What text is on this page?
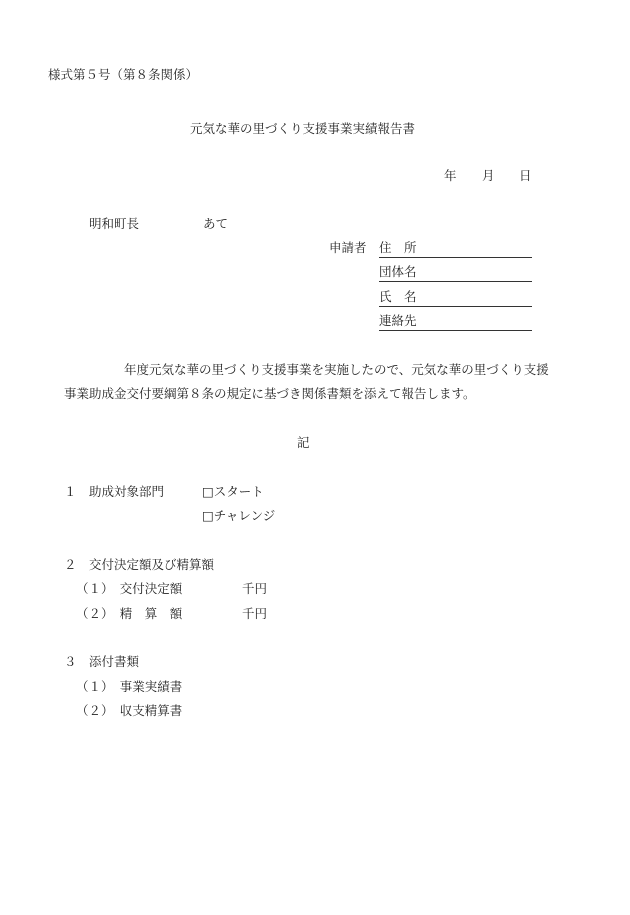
様式第５号（第８条関係）
元気な華の里づくり支援事業実績報告書
年 月 日
明和町長	あて
申請者 住　所
団体名
氏　名
連絡先
年度元気な華の里づくり支援事業を実施したので、元気な華の里づくり支援
事業助成金交付要綱第８条の規定に基づき関係書類を添えて報告します。
記
１　助成対象部門	□スタート
□チャレンジ
２　交付決定額及び精算額
（１）　交付決定額	千円
（２）　精　算　額	千円
３　添付書類
（１）　事業実績書
（２）　収支精算書
